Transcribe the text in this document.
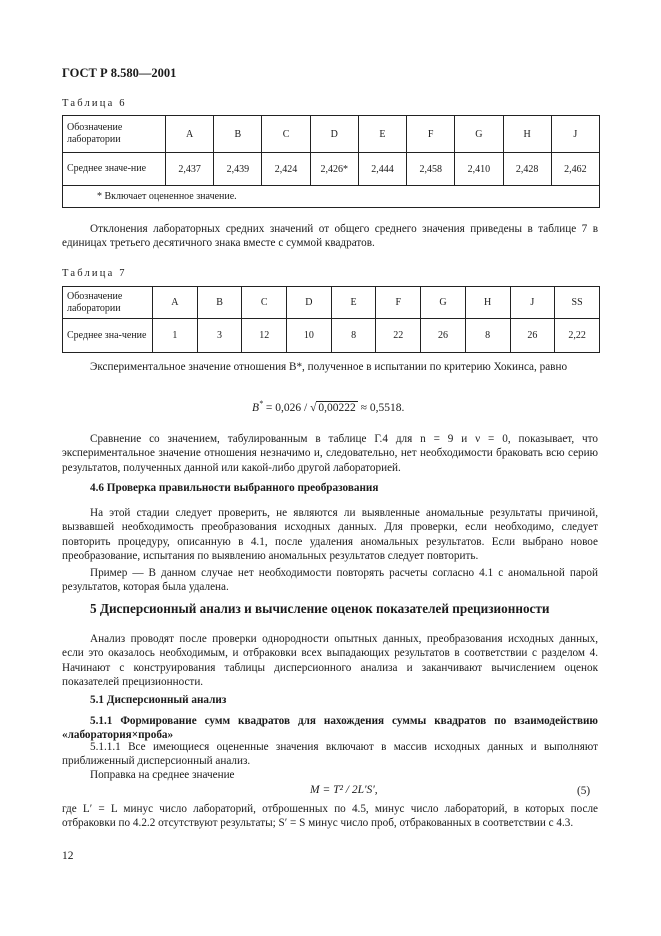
ГОСТ Р 8.580—2001
Таблица 6
Обозначение лаборатории	A	B	C	D	E	F	G	H	J
Среднее значе-ние	2,437	2,439	2,424	2,426*	2,444	2,458	2,410	2,428	2,462
* Включает оцененное значение.									
Отклонения лабораторных средних значений от общего среднего значения приведены в таблице 7 в единицах третьего десятичного знака вместе с суммой квадратов.
Таблица 7
Обозначение лаборатории	A	B	C	D	E	F	G	H	J	SS
Среднее зна-чение	1	3	12	10	8	22	26	8	26	2,22
Экспериментальное значение отношения В*, полученное в испытании по критерию Хокинса, равно
B* = 0,026 / √ 0,00222 ≈ 0,5518.
Сравнение со значением, табулированным в таблице Г.4 для n = 9 и ν = 0, показывает, что экспериментальное значение отношения незначимо и, следовательно, нет необходимости браковать всю серию результатов, полученных данной или какой-либо другой лабораторией.
4.6 Проверка правильности выбранного преобразования
На этой стадии следует проверить, не являются ли выявленные аномальные результаты причиной, вызвавшей необходимость преобразования исходных данных. Для проверки, если необходимо, следует повторить процедуру, описанную в 4.1, после удаления аномальных результатов. Если выбрано новое преобразование, испытания по выявлению аномальных результатов следует повторить.
Пример — В данном случае нет необходимости повторять расчеты согласно 4.1 с аномальной парой результатов, которая была удалена.
5 Дисперсионный анализ и вычисление оценок показателей прецизионности
Анализ проводят после проверки однородности опытных данных, преобразования исходных данных, если это оказалось необходимым, и отбраковки всех выпадающих результатов в соответствии с разделом 4. Начинают с конструирования таблицы дисперсионного анализа и заканчивают вычислением оценок показателей прецизионности.
5.1 Дисперсионный анализ
5.1.1 Формирование сумм квадратов для нахождения суммы квадратов по взаимодействию «лаборатория×проба»
5.1.1.1 Все имеющиеся оцененные значения включают в массив исходных данных и выполняют приближенный дисперсионный анализ.
Поправка на среднее значение
M = T² / 2L′S′,	(5)
где L′ = L минус число лабораторий, отброшенных по 4.5, минус число лабораторий, в которых после отбраковки по 4.2.2 отсутствуют результаты; S′ = S минус число проб, отбракованных в соответствии с 4.3.
12
